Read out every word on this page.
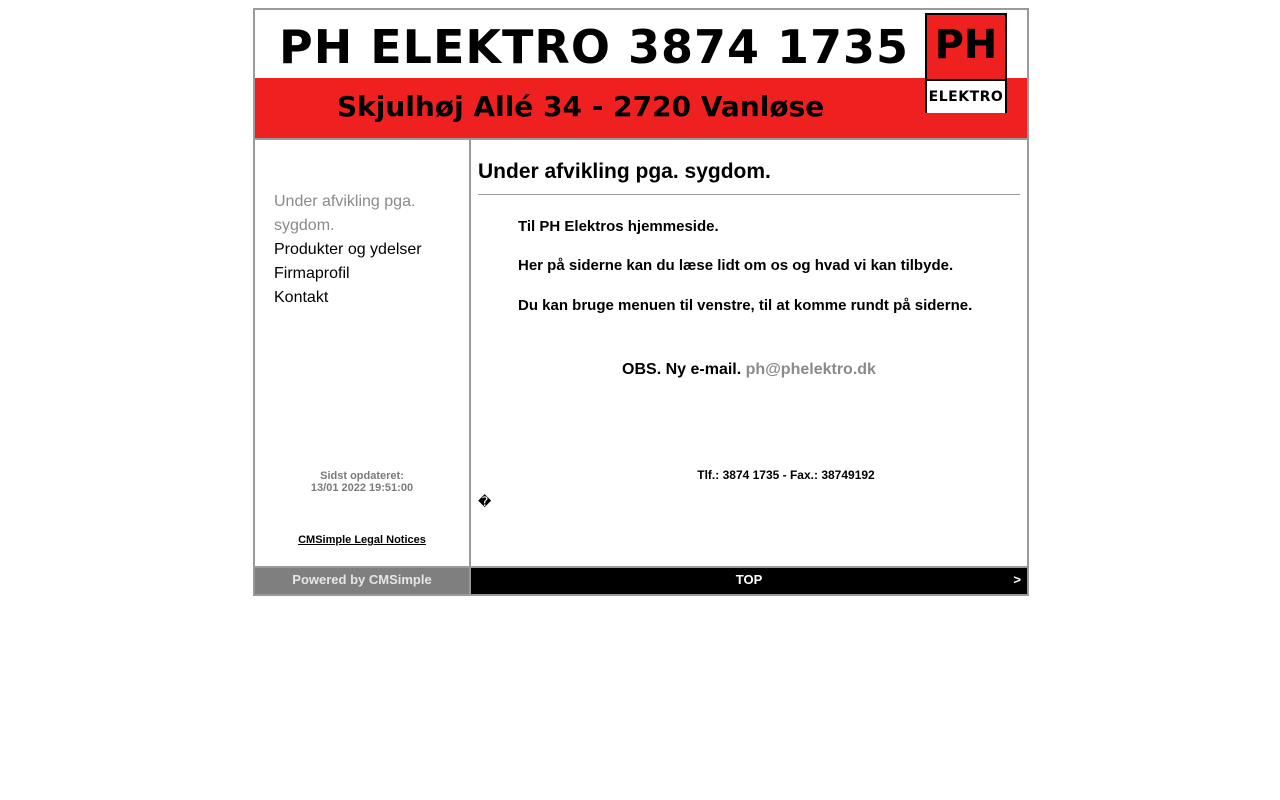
PH ELEKTRO 3874 1735
Skjulhøj Allé 34 - 2720 Vanløse
PH
ELEKTRO
Under afvikling pga. sygdom.
Produkter og ydelser
Firmaprofil
Kontakt
Sidst opdateret:
13/01 2022 19:51:00
CMSimple Legal Notices
Under afvikling pga. sygdom.

Til PH Elektros hjemmeside.

Her på siderne kan du læse lidt om os og hvad vi kan tilbyde.

Du kan bruge menuen til venstre, til at komme rundt på siderne.

OBS. Ny e-mail. ph@phelektro.dk
Tlf.: 3874 1735 - Fax.: 38749192
�
Powered by CMSimple	TOP	>
